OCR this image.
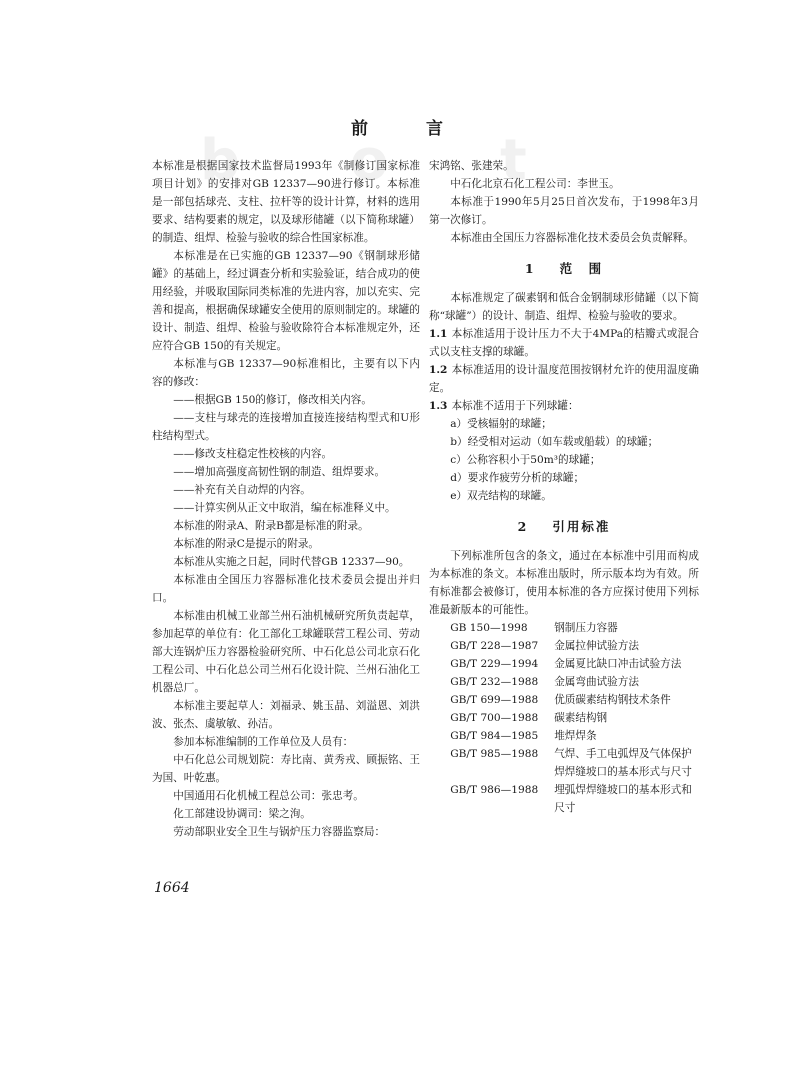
b o t
前 言

本标准是根据国家技术监督局1993年《制修订国家标准项目计划》的安排对GB 12337—90进行修订。本标准是一部包括球壳、支柱、拉杆等的设计计算，材料的选用要求、结构要素的规定，以及球形储罐（以下简称球罐）的制造、组焊、检验与验收的综合性国家标准。

本标准是在已实施的GB 12337—90《钢制球形储罐》的基础上，经过调查分析和实验验证，结合成功的使用经验，并吸取国际同类标准的先进内容，加以充实、完善和提高，根据确保球罐安全使用的原则制定的。球罐的设计、制造、组焊、检验与验收除符合本标准规定外，还应符合GB 150的有关规定。

本标准与GB 12337—90标准相比，主要有以下内容的修改：

——根据GB 150的修订，修改相关内容。

——支柱与球壳的连接增加直接连接结构型式和U形柱结构型式。

——修改支柱稳定性校核的内容。

——增加高强度高韧性钢的制造、组焊要求。

——补充有关自动焊的内容。

——计算实例从正文中取消，编在标准释义中。

本标准的附录A、附录B都是标准的附录。

本标准的附录C是提示的附录。

本标准从实施之日起，同时代替GB 12337—90。

本标准由全国压力容器标准化技术委员会提出并归口。

本标准由机械工业部兰州石油机械研究所负责起草，参加起草的单位有：化工部化工球罐联营工程公司、劳动部大连锅炉压力容器检验研究所、中石化总公司北京石化工程公司、中石化总公司兰州石化设计院、兰州石油化工机器总厂。

本标准主要起草人：刘福录、姚玉晶、刘溢恩、刘洪波、张杰、虞敏敏、孙洁。

参加本标准编制的工作单位及人员有：

中石化总公司规划院：寿比南、黄秀戎、顾振铭、王为国、叶乾惠。

中国通用石化机械工程总公司：张忠考。

化工部建设协调司：梁之洵。

劳动部职业安全卫生与锅炉压力容器监察局：

宋鸿铭、张建荣。

中石化北京石化工程公司：李世玉。

本标准于1990年5月25日首次发布，于1998年3月第一次修订。

本标准由全国压力容器标准化技术委员会负责解释。

1 范　围

本标准规定了碳素钢和低合金钢制球形储罐（以下简称“球罐”）的设计、制造、组焊、检验与验收的要求。

1.1 本标准适用于设计压力不大于4MPa的桔瓣式或混合式以支柱支撑的球罐。

1.2 本标准适用的设计温度范围按钢材允许的使用温度确定。

1.3 本标准不适用于下列球罐：

a）受核辐射的球罐；

b）经受相对运动（如车载或船载）的球罐；

c）公称容积小于50m³的球罐；

d）要求作疲劳分析的球罐；

e）双壳结构的球罐。

2 引用标准

下列标准所包含的条文，通过在本标准中引用而构成为本标准的条文。本标准出版时，所示版本均为有效。所有标准都会被修订，使用本标准的各方应探讨使用下列标准最新版本的可能性。

GB 150—1998	钢制压力容器
GB/T 228—1987	金属拉伸试验方法
GB/T 229—1994	金属夏比缺口冲击试验方法
GB/T 232—1988	金属弯曲试验方法
GB/T 699—1988	优质碳素结构钢技术条件
GB/T 700—1988	碳素结构钢
GB/T 984—1985	堆焊焊条
GB/T 985—1988	气焊、手工电弧焊及气体保护焊焊缝坡口的基本形式与尺寸
GB/T 986—1988	埋弧焊焊缝坡口的基本形式和尺寸
1664
